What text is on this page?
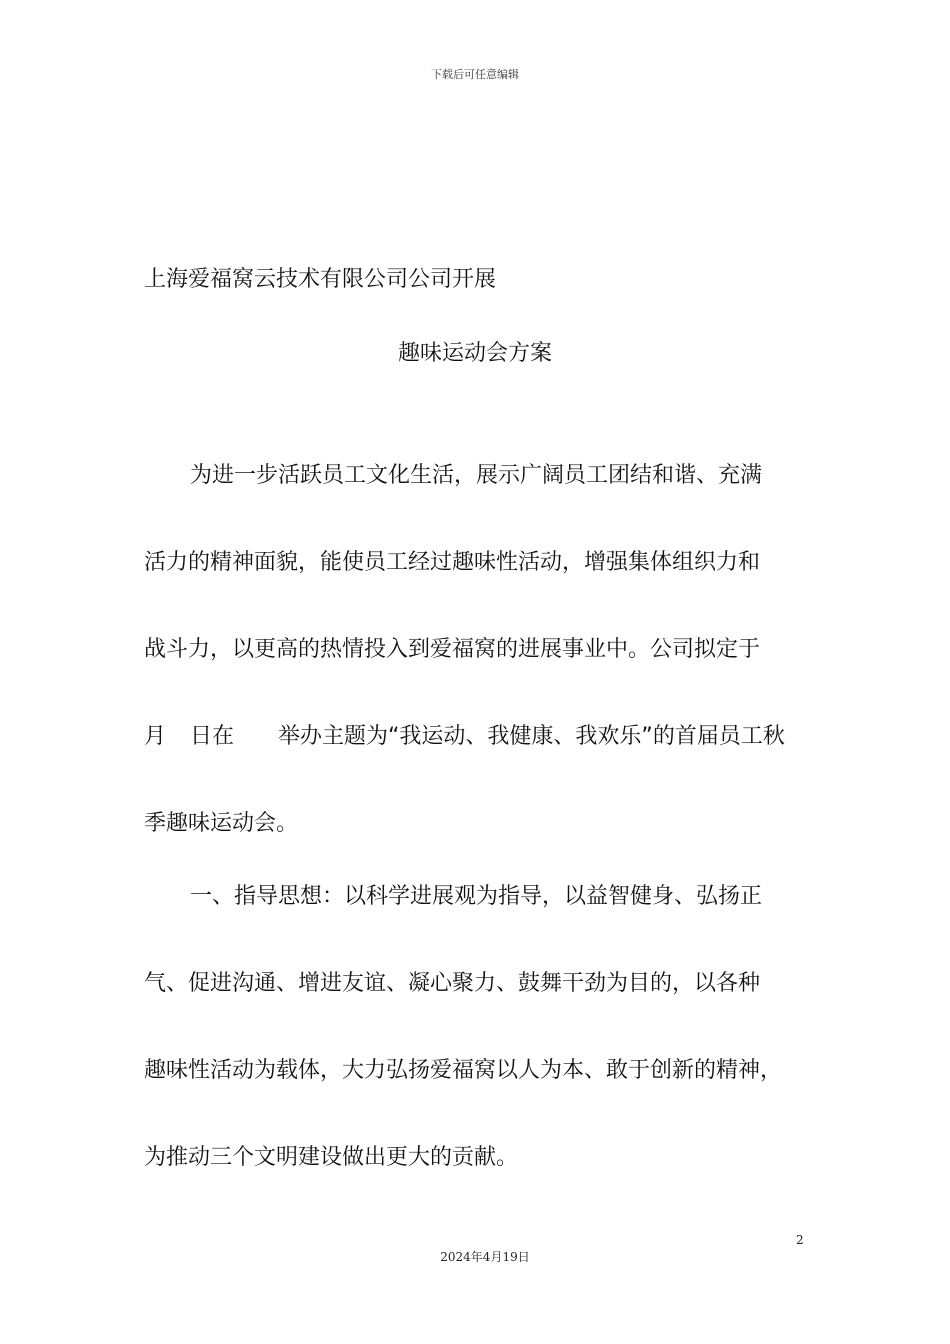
下载后可任意编辑
上海爱福窝云技术有限公司公司开展
趣味运动会方案
为进一步活跃员工文化生活，展示广阔员工团结和谐、充满
活力的精神面貌，能使员工经过趣味性活动，增强集体组织力和
战斗力，以更高的热情投入到爱福窝的进展事业中。公司拟定于
月 日在 举办主题为“我运动、我健康、我欢乐”的首届员工秋
季趣味运动会。
一、指导思想：以科学进展观为指导，以益智健身、弘扬正
气、促进沟通、增进友谊、凝心聚力、鼓舞干劲为目的，以各种
趣味性活动为载体，大力弘扬爱福窝以人为本、敢于创新的精神，
为推动三个文明建设做出更大的贡献。
2
2024年4月19日
